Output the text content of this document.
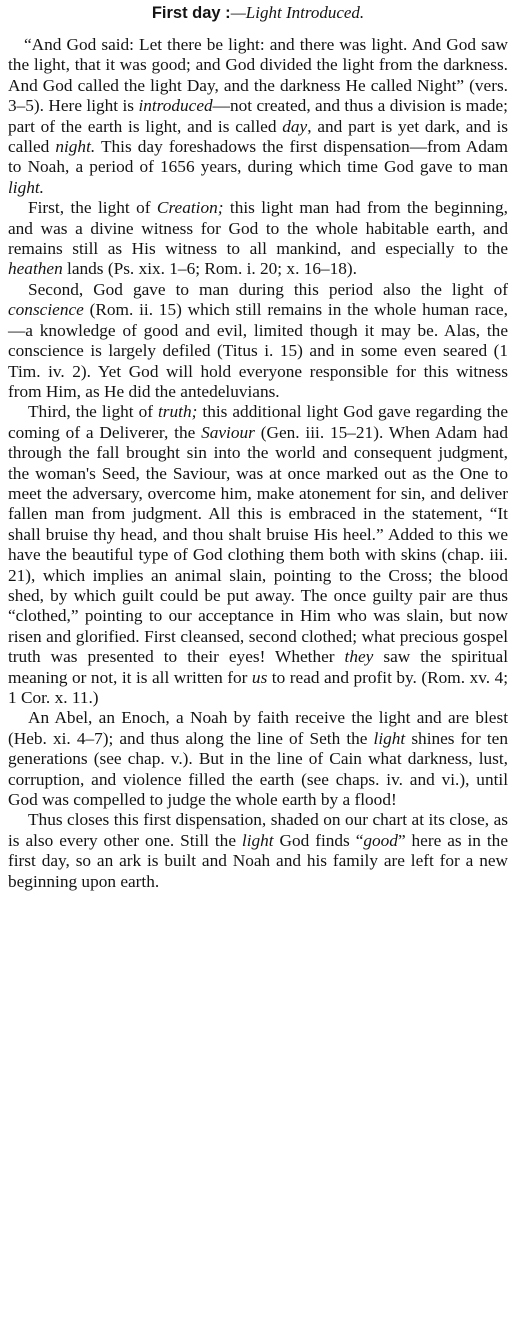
First day :—Light Introduced.

“And God said: Let there be light: and there was light. And God saw the light, that it was good; and God divided the light from the darkness. And God called the light Day, and the darkness He called Night” (vers. 3–5). Here light is introduced—not created, and thus a division is made; part of the earth is light, and is called day, and part is yet dark, and is called night. This day foreshadows the first dispensation—from Adam to Noah, a period of 1656 years, during which time God gave to man light.

First, the light of Creation; this light man had from the beginning, and was a divine witness for God to the whole habitable earth, and remains still as His witness to all mankind, and especially to the heathen lands (Ps. xix. 1–6; Rom. i. 20; x. 16–18).

Second, God gave to man during this period also the light of conscience (Rom. ii. 15) which still remains in the whole human race,—a knowledge of good and evil, limited though it may be. Alas, the conscience is largely defiled (Titus i. 15) and in some even seared (1 Tim. iv. 2). Yet God will hold everyone responsible for this witness from Him, as He did the antedeluvians.

Third, the light of truth; this additional light God gave regarding the coming of a Deliverer, the Saviour (Gen. iii. 15–21). When Adam had through the fall brought sin into the world and consequent judgment, the woman's Seed, the Saviour, was at once marked out as the One to meet the adversary, overcome him, make atonement for sin, and deliver fallen man from judgment. All this is embraced in the statement, “It shall bruise thy head, and thou shalt bruise His heel.” Added to this we have the beautiful type of God clothing them both with skins (chap. iii. 21), which implies an animal slain, pointing to the Cross; the blood shed, by which guilt could be put away. The once guilty pair are thus “clothed,” pointing to our acceptance in Him who was slain, but now risen and glorified. First cleansed, second clothed; what precious gospel truth was presented to their eyes! Whether they saw the spiritual meaning or not, it is all written for us to read and profit by. (Rom. xv. 4; 1 Cor. x. 11.)

An Abel, an Enoch, a Noah by faith receive the light and are blest (Heb. xi. 4–7); and thus along the line of Seth the light shines for ten generations (see chap. v.). But in the line of Cain what darkness, lust, corruption, and violence filled the earth (see chaps. iv. and vi.), until God was compelled to judge the whole earth by a flood!

Thus closes this first dispensation, shaded on our chart at its close, as is also every other one. Still the light God finds “good” here as in the first day, so an ark is built and Noah and his family are left for a new beginning upon earth.
